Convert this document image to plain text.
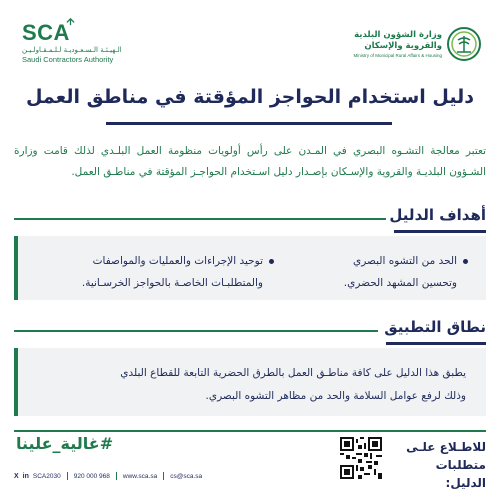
SCA
الـهيـئـة الـسـعـوديـة لـلـمـقـاولـيـن
Saudi Contractors Authority
وزارة الشؤون البلدية
والقروية والإسكان
Ministry of Municipal Rural Affairs & Housing
دليل استخدام الحواجز المؤقتة في مناطق العمل
تعتبر معالجة التشـوه البصري في المـدن على رأس أولويات منظومة العمل البلـدي لذلك قامت وزارة الشـؤون البلديـة والقروية والإسـكان بإصـدار دليل اسـتخدام الحواجـز المؤقتة في مناطـق العمل.
أهداف الدليل
الحد من التشوه البصري
وتحسين المشهد الحضري.
توحيد الإجراءات والعمليات والمواصفات
والمتطلبـات الخاصـة بالحواجز الخرسـانية.
نطاق التطبيق
يطبق هذا الدليل على كافة مناطـق العمل بالطرق الحضرية التابعة للقطاع البلدي
وذلك لرفع عوامل السلامة والحد من مظاهر التشوه البصري.
#غالية_علينا
X in SCA2030 920 000 968 www.sca.sa cs@sca.sa
للاطـلاع علـى
متطلبات الدليل:
